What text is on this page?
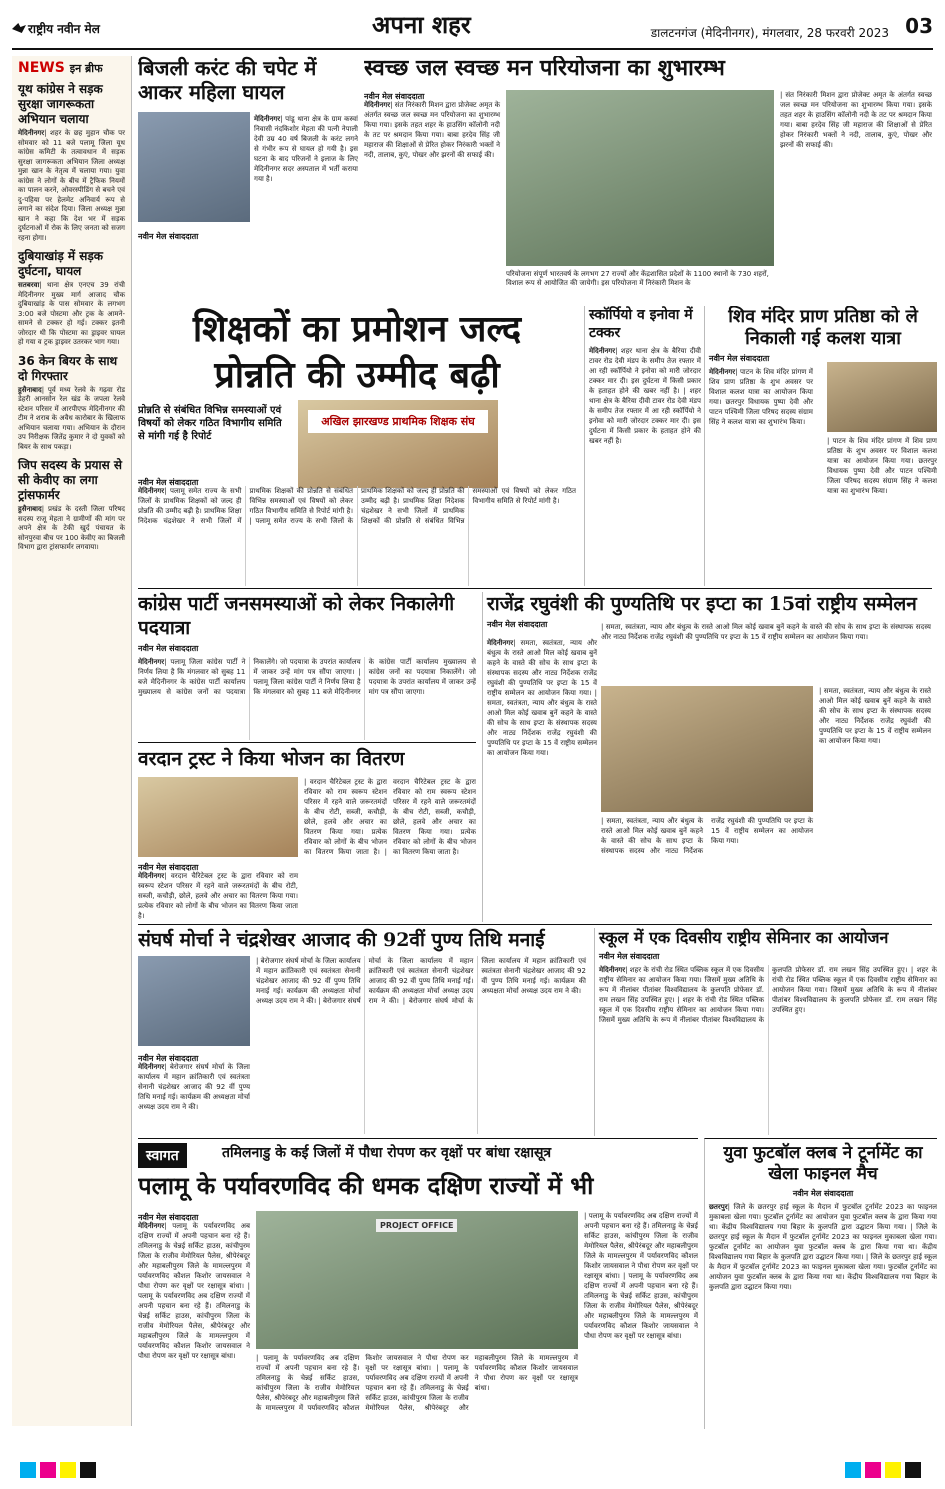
राष्ट्रीय नवीन मेल	अपना शहर	डालटनगंज (मेदिनीनगर), मंगलवार, 28 फरवरी 2023 03
NEWS इन ब्रीफ
यूथ कांग्रेस ने सड़क सुरक्षा जागरूकता अभियान चलाया
मेदिनीनगर| शहर के छह मुहान चौक पर सोमवार को 11 बजे पलामू जिला यूथ कांग्रेस कमिटी के तत्वावधान में सड़क सुरक्षा जागरूकता अभियान जिला अध्यक्ष मुन्ना खान के नेतृत्व में चलाया गया। युवा कांग्रेस ने लोगों के बीच में ट्रैफिक नियमों का पालन करने, ओवरस्पीडिंग से बचने एवं दु-पहिया पर हेलमेट अनिवार्य रूप से लगाने का संदेश दिया। जिला अध्यक्ष मुन्ना खान ने कहा कि देश भर में सड़क दुर्घटनाओं में रोक के लिए जनता को सजग रहना होगा।
दुबियाखांड़ में सड़क दुर्घटना, घायल
सतबरवा| थाना क्षेत्र एनएच 39 रांची मेदिनीनगर मुख्य मार्ग आजाद चौक दुबियाखांड़ के पास सोमवार के लगभग 3:00 बजे पोस्टमा और ट्रक के आमने-सामने से टक्कर हो गई। टक्कर इतनी जोरदार थी कि पोस्टमा का ड्राइवर घायल हो गया व ट्रक ड्राइवर उतरकर भाग गया।
36 केन बियर के साथ दो गिरफ्तार
हुसैनाबाद| पूर्व मध्य रेलवे के गढ़वा रोड डेहरी आनसोन रेल खंड के जपला रेलवे स्टेशन परिसर में आरपीएफ मेदिनीनगर की टीम ने शराब के अवैध कारोबार के खिलाफ अभियान चलाया गया। अभियान के दौरान उप निरीक्षक जितेंद्र कुमार ने दो युवकों को बियर के साथ पकड़ा।
जिप सदस्य के प्रयास से सी केवीए का लगा ट्रांसफार्मर
हुसैनाबाद| प्रखंड के दस्ती जिला परिषद सदस्य राजू मेहता ने ग्रामीणों की मांग पर अपने क्षेत्र के टेकी खुर्द पंचायत के सोनपुरवा बीच पर 100 केवीए का बिजली विभाग द्वारा ट्रांसफार्मर लगवाया।
बिजली करंट की चपेट में आकर महिला घायल
नवीन मेल संवाददाता
मेदिनीनगर| पांडू थाना क्षेत्र के ग्राम कस्वां निवासी नंदकिशोर मेहता की पत्नी नेपाली देवी उम्र 40 वर्ष बिजली के करंट लगने से गंभीर रूप से घायल हो गयी है। इस घटना के बाद परिजनों ने इलाज के लिए मेदिनीनगर सदर अस्पताल में भर्ती कराया गया है।
स्वच्छ जल स्वच्छ मन परियोजना का शुभारम्भ
नवीन मेल संवाददाता
मेदिनीनगर| संत निरंकारी मिशन द्वारा प्रोजेक्ट अमृत के अंतर्गत स्वच्छ जल स्वच्छ मन परियोजना का शुभारम्भ किया गया। इसके तहत शहर के हाउसिंग कॉलोनी नदी के तट पर श्रमदान किया गया। बाबा हरदेव सिंह जी महाराज की शिक्षाओं से प्रेरित होकर निरंकारी भक्तों ने नदी, तालाब, कुएं, पोखर और झरनों की सफाई की।
परियोजना संपूर्ण भारतवर्ष के लगभग 27 राज्यों और केंद्रशासित प्रदेशों के 1100 स्थानों के 730 शहरों, विशाल रूप से आयोजित की जायेगी। इस परियोजना में निरंकारी मिशन के
| संत निरंकारी मिशन द्वारा प्रोजेक्ट अमृत के अंतर्गत स्वच्छ जल स्वच्छ मन परियोजना का शुभारम्भ किया गया। इसके तहत शहर के हाउसिंग कॉलोनी नदी के तट पर श्रमदान किया गया। बाबा हरदेव सिंह जी महाराज की शिक्षाओं से प्रेरित होकर निरंकारी भक्तों ने नदी, तालाब, कुएं, पोखर और झरनों की सफाई की।
शिक्षकों का प्रमोशन जल्द
प्रोन्नति की उम्मीद बढ़ी
प्रोन्नति से संबंधित विभिन्न समस्याओं एवं विषयों को लेकर गठित विभागीय समिति से मांगी गई है रिपोर्ट
अखिल झारखण्ड प्राथमिक शिक्षक संघ
नवीन मेल संवाददाता
मेदिनीनगर| पलामू समेत राज्य के सभी जिलों के प्राथमिक शिक्षकों को जल्द ही प्रोन्नति की उम्मीद बढ़ी है। प्राथमिक शिक्षा निदेशक चंद्रशेखर ने सभी जिलों में प्राथमिक शिक्षकों की प्रोन्नति से संबंधित विभिन्न समस्याओं एवं विषयों को लेकर गठित विभागीय समिति से रिपोर्ट मांगी है। | पलामू समेत राज्य के सभी जिलों के प्राथमिक शिक्षकों को जल्द ही प्रोन्नति की उम्मीद बढ़ी है। प्राथमिक शिक्षा निदेशक चंद्रशेखर ने सभी जिलों में प्राथमिक शिक्षकों की प्रोन्नति से संबंधित विभिन्न समस्याओं एवं विषयों को लेकर गठित विभागीय समिति से रिपोर्ट मांगी है।
स्कॉर्पियो व इनोवा में टक्कर
मेदिनीनगर| शहर थाना क्षेत्र के बैरिया दीवी टावर रोड देवी मंडप के समीप तेज रफ्तार में आ रही स्कॉर्पियो ने इनोवा को मारी जोरदार टक्कर मार दी। इस दुर्घटना में किसी प्रकार के हताहत होने की खबर नहीं है। | शहर थाना क्षेत्र के बैरिया दीवी टावर रोड देवी मंडप के समीप तेज रफ्तार में आ रही स्कॉर्पियो ने इनोवा को मारी जोरदार टक्कर मार दी। इस दुर्घटना में किसी प्रकार के हताहत होने की खबर नहीं है।
शिव मंदिर प्राण प्रतिष्ठा को ले निकाली गई कलश यात्रा
नवीन मेल संवाददाता
मेदिनीनगर| पाटन के शिव मंदिर प्रांगण में शिव प्राण प्रतिष्ठा के शुभ अवसर पर विशाल कलश यात्रा का आयोजन किया गया। छतरपुर विधायक पुष्पा देवी और पाटन पश्चिमी जिला परिषद सदस्य संग्राम सिंह ने कलश यात्रा का शुभारंभ किया।
| पाटन के शिव मंदिर प्रांगण में शिव प्राण प्रतिष्ठा के शुभ अवसर पर विशाल कलश यात्रा का आयोजन किया गया। छतरपुर विधायक पुष्पा देवी और पाटन पश्चिमी जिला परिषद सदस्य संग्राम सिंह ने कलश यात्रा का शुभारंभ किया।
कांग्रेस पार्टी जनसमस्याओं को लेकर निकालेगी पदयात्रा
नवीन मेल संवाददाता
मेदिनीनगर| पलामू जिला कांग्रेस पार्टी ने निर्णय लिया है कि मंगलवार को सुबह 11 बजे मेदिनीनगर के कांग्रेस पार्टी कार्यालय मुख्यालय से कांग्रेस जनों का पदयात्रा निकालेंगे। जो पदयात्रा के उपरांत कार्यालय में जाकर उन्हें मांग पत्र सौंपा जाएगा। | पलामू जिला कांग्रेस पार्टी ने निर्णय लिया है कि मंगलवार को सुबह 11 बजे मेदिनीनगर के कांग्रेस पार्टी कार्यालय मुख्यालय से कांग्रेस जनों का पदयात्रा निकालेंगे। जो पदयात्रा के उपरांत कार्यालय में जाकर उन्हें मांग पत्र सौंपा जाएगा।
राजेंद्र रघुवंशी की पुण्यतिथि पर इप्टा का 15वां राष्ट्रीय सम्मेलन
नवीन मेल संवाददाता
मेदिनीनगर| समता, स्वतंत्रता, न्याय और बंधुत्व के रास्ते आओ मिल कोई खवाब बुनें कहने के वास्ते की सोच के साथ इप्टा के संस्थापक सदस्य और नाट्य निर्देशक राजेंद्र रघुवंशी की पुण्यतिथि पर इप्टा के 15 वें राष्ट्रीय सम्मेलन का आयोजन किया गया। | समता, स्वतंत्रता, न्याय और बंधुत्व के रास्ते आओ मिल कोई खवाब बुनें कहने के वास्ते की सोच के साथ इप्टा के संस्थापक सदस्य और नाट्य निर्देशक राजेंद्र रघुवंशी की पुण्यतिथि पर इप्टा के 15 वें राष्ट्रीय सम्मेलन का आयोजन किया गया।
| समता, स्वतंत्रता, न्याय और बंधुत्व के रास्ते आओ मिल कोई खवाब बुनें कहने के वास्ते की सोच के साथ इप्टा के संस्थापक सदस्य और नाट्य निर्देशक राजेंद्र रघुवंशी की पुण्यतिथि पर इप्टा के 15 वें राष्ट्रीय सम्मेलन का आयोजन किया गया।
| समता, स्वतंत्रता, न्याय और बंधुत्व के रास्ते आओ मिल कोई खवाब बुनें कहने के वास्ते की सोच के साथ इप्टा के संस्थापक सदस्य और नाट्य निर्देशक राजेंद्र रघुवंशी की पुण्यतिथि पर इप्टा के 15 वें राष्ट्रीय सम्मेलन का आयोजन किया गया।
| समता, स्वतंत्रता, न्याय और बंधुत्व के रास्ते आओ मिल कोई खवाब बुनें कहने के वास्ते की सोच के साथ इप्टा के संस्थापक सदस्य और नाट्य निर्देशक राजेंद्र रघुवंशी की पुण्यतिथि पर इप्टा के 15 वें राष्ट्रीय सम्मेलन का आयोजन किया गया।
वरदान ट्रस्ट ने किया भोजन का वितरण
नवीन मेल संवाददाता
मेदिनीनगर| वरदान चैरिटेबल ट्रस्ट के द्वारा रविवार को राम स्वरूप स्टेशन परिसर में रहने वाले जरूरतमंदों के बीच रोटी, सब्जी, कचौड़ी, छोले, हलवे और अचार का वितरण किया गया। प्रत्येक रविवार को लोगों के बीच भोजन का वितरण किया जाता है।
| वरदान चैरिटेबल ट्रस्ट के द्वारा रविवार को राम स्वरूप स्टेशन परिसर में रहने वाले जरूरतमंदों के बीच रोटी, सब्जी, कचौड़ी, छोले, हलवे और अचार का वितरण किया गया। प्रत्येक रविवार को लोगों के बीच भोजन का वितरण किया जाता है। | वरदान चैरिटेबल ट्रस्ट के द्वारा रविवार को राम स्वरूप स्टेशन परिसर में रहने वाले जरूरतमंदों के बीच रोटी, सब्जी, कचौड़ी, छोले, हलवे और अचार का वितरण किया गया। प्रत्येक रविवार को लोगों के बीच भोजन का वितरण किया जाता है।
संघर्ष मोर्चा ने चंद्रशेखर आजाद की 92वीं पुण्य तिथि मनाई
नवीन मेल संवाददाता
मेदिनीनगर| बेरोजगार संघर्ष मोर्चा के जिला कार्यालय में महान क्रांतिकारी एवं स्वतंत्रता सेनानी चंद्रशेखर आजाद की 92 वीं पुण्य तिथि मनाई गई। कार्यक्रम की अध्यक्षता मोर्चा अध्यक्ष उदय राम ने की।
| बेरोजगार संघर्ष मोर्चा के जिला कार्यालय में महान क्रांतिकारी एवं स्वतंत्रता सेनानी चंद्रशेखर आजाद की 92 वीं पुण्य तिथि मनाई गई। कार्यक्रम की अध्यक्षता मोर्चा अध्यक्ष उदय राम ने की। | बेरोजगार संघर्ष मोर्चा के जिला कार्यालय में महान क्रांतिकारी एवं स्वतंत्रता सेनानी चंद्रशेखर आजाद की 92 वीं पुण्य तिथि मनाई गई। कार्यक्रम की अध्यक्षता मोर्चा अध्यक्ष उदय राम ने की। | बेरोजगार संघर्ष मोर्चा के जिला कार्यालय में महान क्रांतिकारी एवं स्वतंत्रता सेनानी चंद्रशेखर आजाद की 92 वीं पुण्य तिथि मनाई गई। कार्यक्रम की अध्यक्षता मोर्चा अध्यक्ष उदय राम ने की।
स्कूल में एक दिवसीय राष्ट्रीय सेमिनार का आयोजन
नवीन मेल संवाददाता
मेदिनीनगर| शहर के रांची रोड स्थित पब्लिक स्कूल में एक दिवसीय राष्ट्रीय सेमिनार का आयोजन किया गया। जिसमें मुख्य अतिथि के रूप में नीलांबर पीतांबर विश्वविद्यालय के कुलपति प्रोफेसर डॉ. राम लखन सिंह उपस्थित हुए। | शहर के रांची रोड स्थित पब्लिक स्कूल में एक दिवसीय राष्ट्रीय सेमिनार का आयोजन किया गया। जिसमें मुख्य अतिथि के रूप में नीलांबर पीतांबर विश्वविद्यालय के कुलपति प्रोफेसर डॉ. राम लखन सिंह उपस्थित हुए। | शहर के रांची रोड स्थित पब्लिक स्कूल में एक दिवसीय राष्ट्रीय सेमिनार का आयोजन किया गया। जिसमें मुख्य अतिथि के रूप में नीलांबर पीतांबर विश्वविद्यालय के कुलपति प्रोफेसर डॉ. राम लखन सिंह उपस्थित हुए।
स्वागत	तमिलनाडु के कई जिलों में पौधा रोपण कर वृक्षों पर बांधा रक्षासूत्र
पलामू के पर्यावरणविद की धमक दक्षिण राज्यों में भी
नवीन मेल संवाददाता
मेदिनीनगर| पलामू के पर्यावरणविद अब दक्षिण राज्यों में अपनी पहचान बना रहे हैं। तमिलनाडु के चेन्नई सर्किट हाउस, कांचीपुरम जिला के राजीव मेमोरियल पैलेस, श्रीपेरंबदूर और महाबलीपुरम जिले के मामल्लपुरम में पर्यावरणविद कौशल किशोर जायसवाल ने पौधा रोपण कर वृक्षों पर रक्षासूत्र बांधा। | पलामू के पर्यावरणविद अब दक्षिण राज्यों में अपनी पहचान बना रहे हैं। तमिलनाडु के चेन्नई सर्किट हाउस, कांचीपुरम जिला के राजीव मेमोरियल पैलेस, श्रीपेरंबदूर और महाबलीपुरम जिले के मामल्लपुरम में पर्यावरणविद कौशल किशोर जायसवाल ने पौधा रोपण कर वृक्षों पर रक्षासूत्र बांधा।
PROJECT OFFICE
| पलामू के पर्यावरणविद अब दक्षिण राज्यों में अपनी पहचान बना रहे हैं। तमिलनाडु के चेन्नई सर्किट हाउस, कांचीपुरम जिला के राजीव मेमोरियल पैलेस, श्रीपेरंबदूर और महाबलीपुरम जिले के मामल्लपुरम में पर्यावरणविद कौशल किशोर जायसवाल ने पौधा रोपण कर वृक्षों पर रक्षासूत्र बांधा। | पलामू के पर्यावरणविद अब दक्षिण राज्यों में अपनी पहचान बना रहे हैं। तमिलनाडु के चेन्नई सर्किट हाउस, कांचीपुरम जिला के राजीव मेमोरियल पैलेस, श्रीपेरंबदूर और महाबलीपुरम जिले के मामल्लपुरम में पर्यावरणविद कौशल किशोर जायसवाल ने पौधा रोपण कर वृक्षों पर रक्षासूत्र बांधा।
| पलामू के पर्यावरणविद अब दक्षिण राज्यों में अपनी पहचान बना रहे हैं। तमिलनाडु के चेन्नई सर्किट हाउस, कांचीपुरम जिला के राजीव मेमोरियल पैलेस, श्रीपेरंबदूर और महाबलीपुरम जिले के मामल्लपुरम में पर्यावरणविद कौशल किशोर जायसवाल ने पौधा रोपण कर वृक्षों पर रक्षासूत्र बांधा। | पलामू के पर्यावरणविद अब दक्षिण राज्यों में अपनी पहचान बना रहे हैं। तमिलनाडु के चेन्नई सर्किट हाउस, कांचीपुरम जिला के राजीव मेमोरियल पैलेस, श्रीपेरंबदूर और महाबलीपुरम जिले के मामल्लपुरम में पर्यावरणविद कौशल किशोर जायसवाल ने पौधा रोपण कर वृक्षों पर रक्षासूत्र बांधा।
युवा फुटबॉल क्लब ने टूर्नामेंट का खेला फाइनल मैच
नवीन मेल संवाददाता
छतरपुर| जिले के छतरपुर हाई स्कूल के मैदान में फुटबॉल टूर्नामेंट 2023 का फाइनल मुकाबला खेला गया। फुटबॉल टूर्नामेंट का आयोजन युवा फुटबॉल क्लब के द्वारा किया गया था। केंद्रीय विश्वविद्यालय गया बिहार के कुलपति द्वारा उद्घाटन किया गया। | जिले के छतरपुर हाई स्कूल के मैदान में फुटबॉल टूर्नामेंट 2023 का फाइनल मुकाबला खेला गया। फुटबॉल टूर्नामेंट का आयोजन युवा फुटबॉल क्लब के द्वारा किया गया था। केंद्रीय विश्वविद्यालय गया बिहार के कुलपति द्वारा उद्घाटन किया गया। | जिले के छतरपुर हाई स्कूल के मैदान में फुटबॉल टूर्नामेंट 2023 का फाइनल मुकाबला खेला गया। फुटबॉल टूर्नामेंट का आयोजन युवा फुटबॉल क्लब के द्वारा किया गया था। केंद्रीय विश्वविद्यालय गया बिहार के कुलपति द्वारा उद्घाटन किया गया।
